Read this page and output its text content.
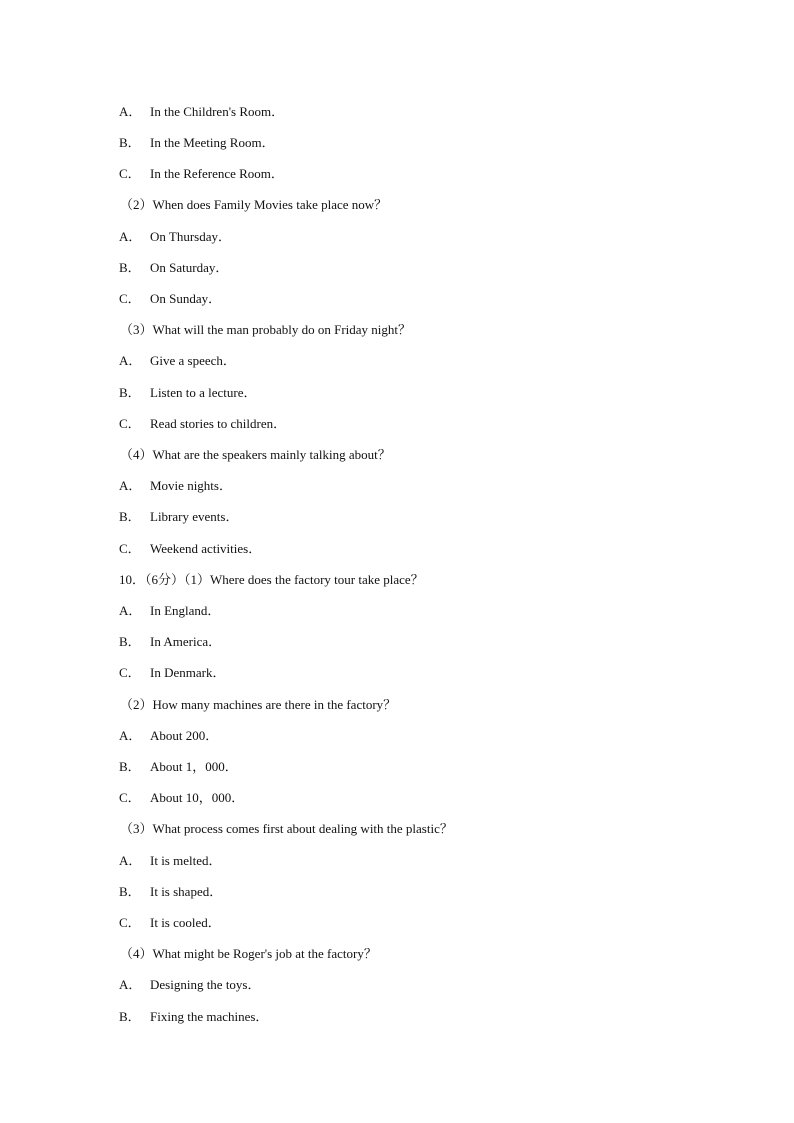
A． In the Children's Room．
B． In the Meeting Room．
C． In the Reference Room．
（2）When does Family Movies take place now？
A． On Thursday．
B． On Saturday．
C． On Sunday．
（3）What will the man probably do on Friday night？
A． Give a speech．
B． Listen to a lecture．
C． Read stories to children．
（4）What are the speakers mainly talking about？
A． Movie nights．
B． Library events．
C． Weekend activities．
10．（6分）（1）Where does the factory tour take place？
A． In England．
B． In America．
C． In Denmark．
（2）How many machines are there in the factory？
A． About 200．
B． About 1，000．
C． About 10，000．
（3）What process comes first about dealing with the plastic？
A． It is melted．
B． It is shaped．
C． It is cooled．
（4）What might be Roger's job at the factory？
A． Designing the toys．
B． Fixing the machines．
